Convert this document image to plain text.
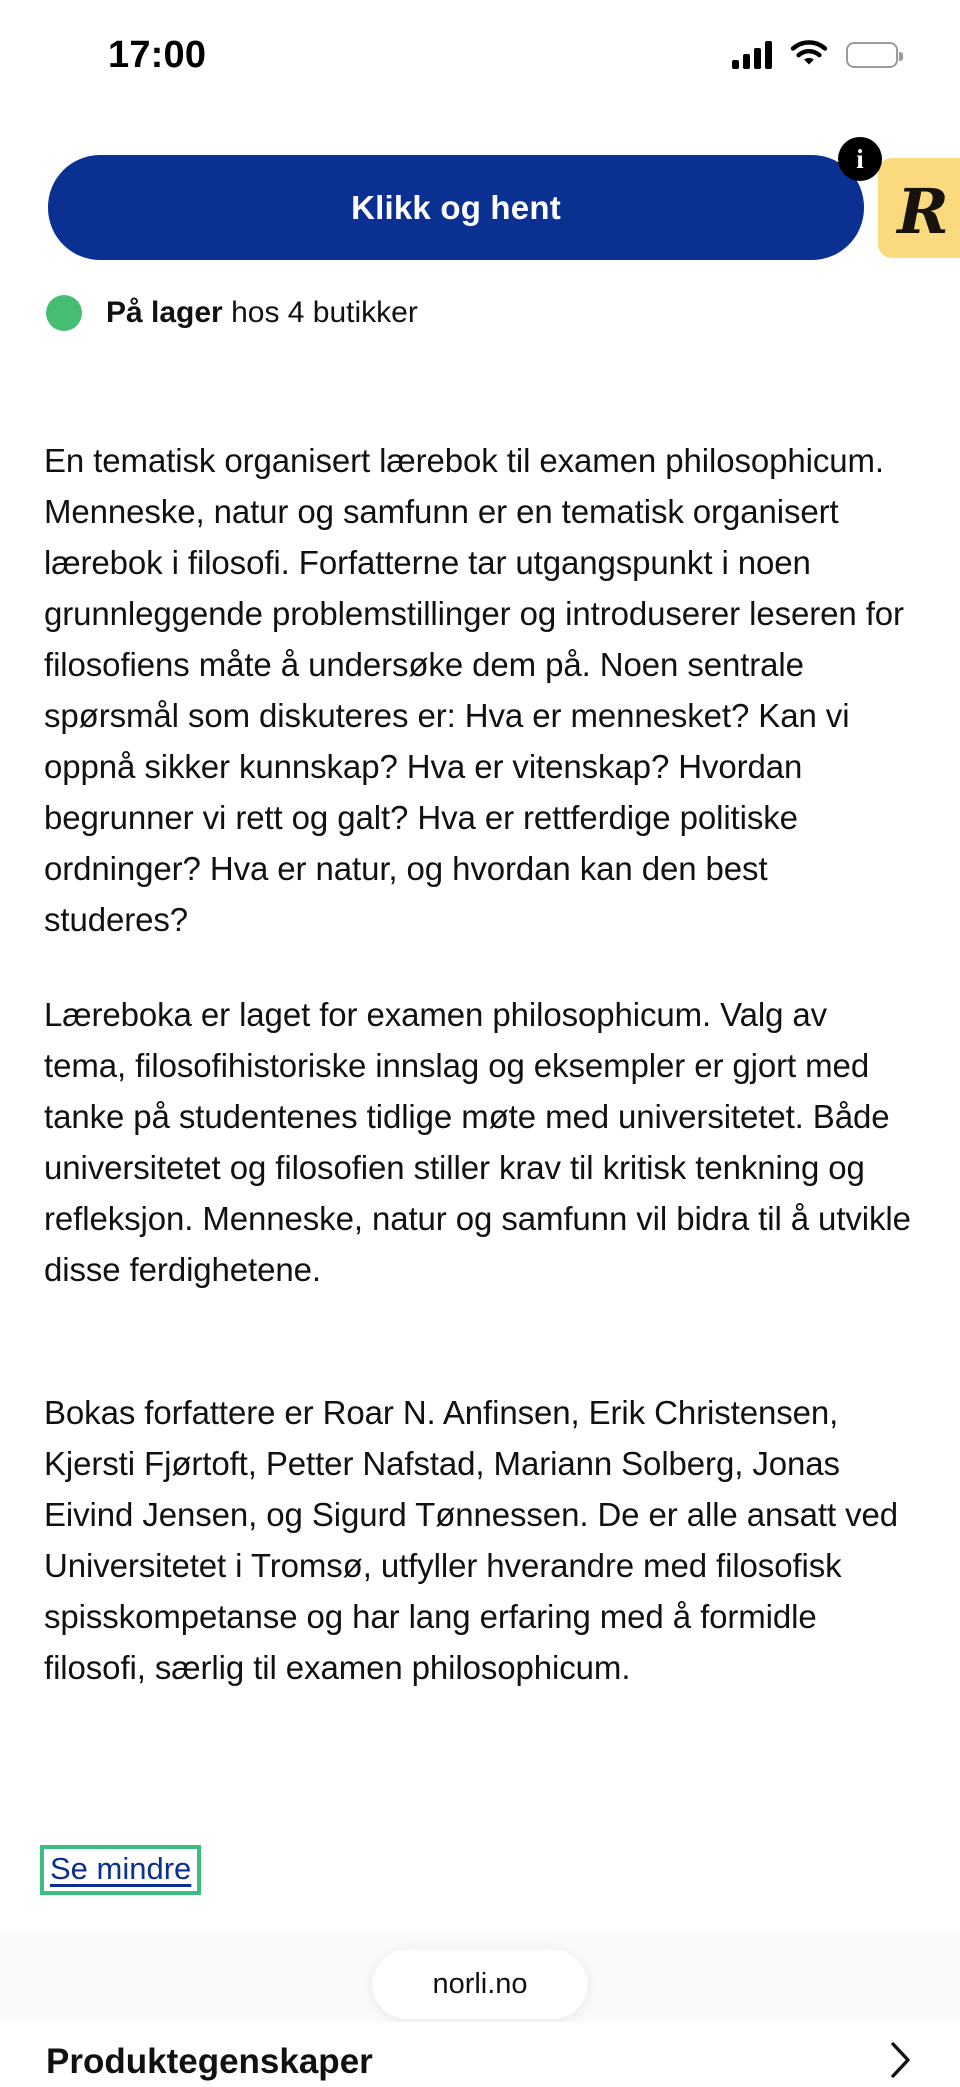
17:00
Klikk og hent	R
i
På lager hos 4 butikker

En tematisk organisert lærebok til examen philosophicum.

Menneske, natur og samfunn er en tematisk organisert lærebok i filosofi. Forfatterne tar utgangspunkt i noen grunnleggende problemstillinger og introduserer leseren for filosofiens måte å undersøke dem på. Noen sentrale spørsmål som diskuteres er: Hva er mennesket? Kan vi oppnå sikker kunnskap? Hva er vitenskap? Hvordan begrunner vi rett og galt? Hva er rettferdige politiske ordninger? Hva er natur, og hvordan kan den best studeres?

Læreboka er laget for examen philosophicum. Valg av tema, filosofihistoriske innslag og eksempler er gjort med tanke på studentenes tidlige møte med universitetet. Både universitetet og filosofien stiller krav til kritisk tenkning og refleksjon. Menneske, natur og samfunn vil bidra til å utvikle disse ferdighetene.

Bokas forfattere er Roar N. Anfinsen, Erik Christensen, Kjersti Fjørtoft, Petter Nafstad, Mariann Solberg, Jonas Eivind Jensen, og Sigurd Tønnessen. De er alle ansatt ved Universitetet i Tromsø, utfyller hverandre med filosofisk spisskompetanse og har lang erfaring med å formidle filosofi, særlig til examen philosophicum.

Se mindre
norli.no
Produktegenskaper
